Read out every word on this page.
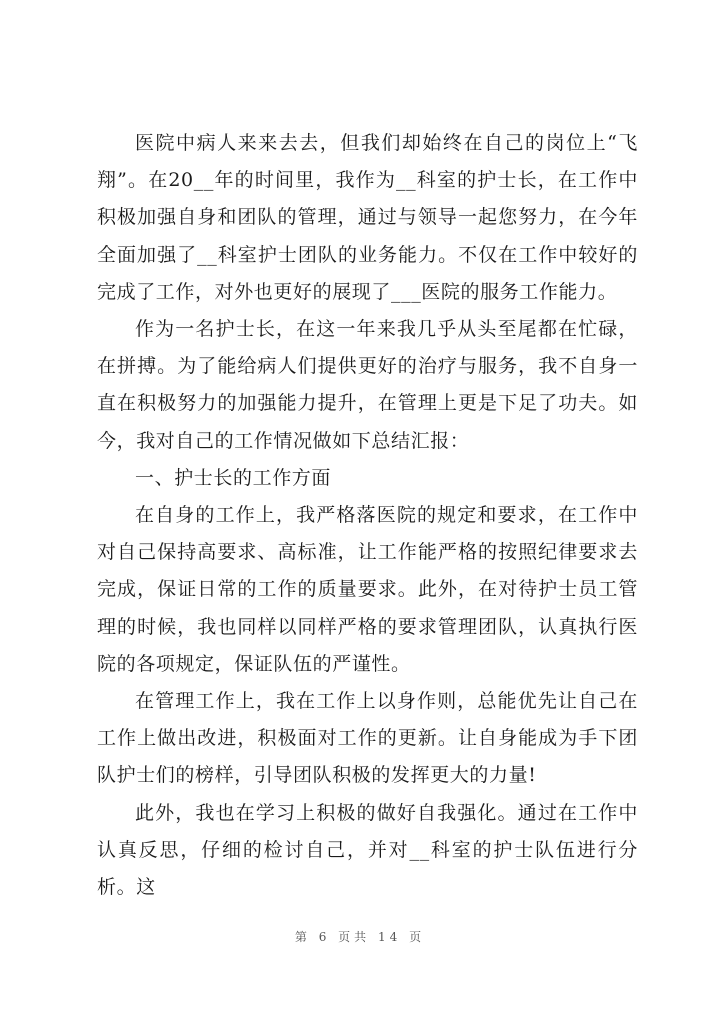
医院中病人来来去去，但我们却始终在自己的岗位上“飞翔”。在20__年的时间里，我作为__科室的护士长，在工作中积极加强自身和团队的管理，通过与领导一起您努力，在今年全面加强了__科室护士团队的业务能力。不仅在工作中较好的完成了工作，对外也更好的展现了___医院的服务工作能力。

作为一名护士长，在这一年来我几乎从头至尾都在忙碌，在拼搏。为了能给病人们提供更好的治疗与服务，我不自身一直在积极努力的加强能力提升，在管理上更是下足了功夫。如今，我对自己的工作情况做如下总结汇报：

一、护士长的工作方面

在自身的工作上，我严格落医院的规定和要求，在工作中对自己保持高要求、高标准，让工作能严格的按照纪律要求去完成，保证日常的工作的质量要求。此外，在对待护士员工管理的时候，我也同样以同样严格的要求管理团队，认真执行医院的各项规定，保证队伍的严谨性。

在管理工作上，我在工作上以身作则，总能优先让自己在工作上做出改进，积极面对工作的更新。让自身能成为手下团队护士们的榜样，引导团队积极的发挥更大的力量!

此外，我也在学习上积极的做好自我强化。通过在工作中认真反思，仔细的检讨自己，并对__科室的护士队伍进行分析。这

第 6 页共 14 页
